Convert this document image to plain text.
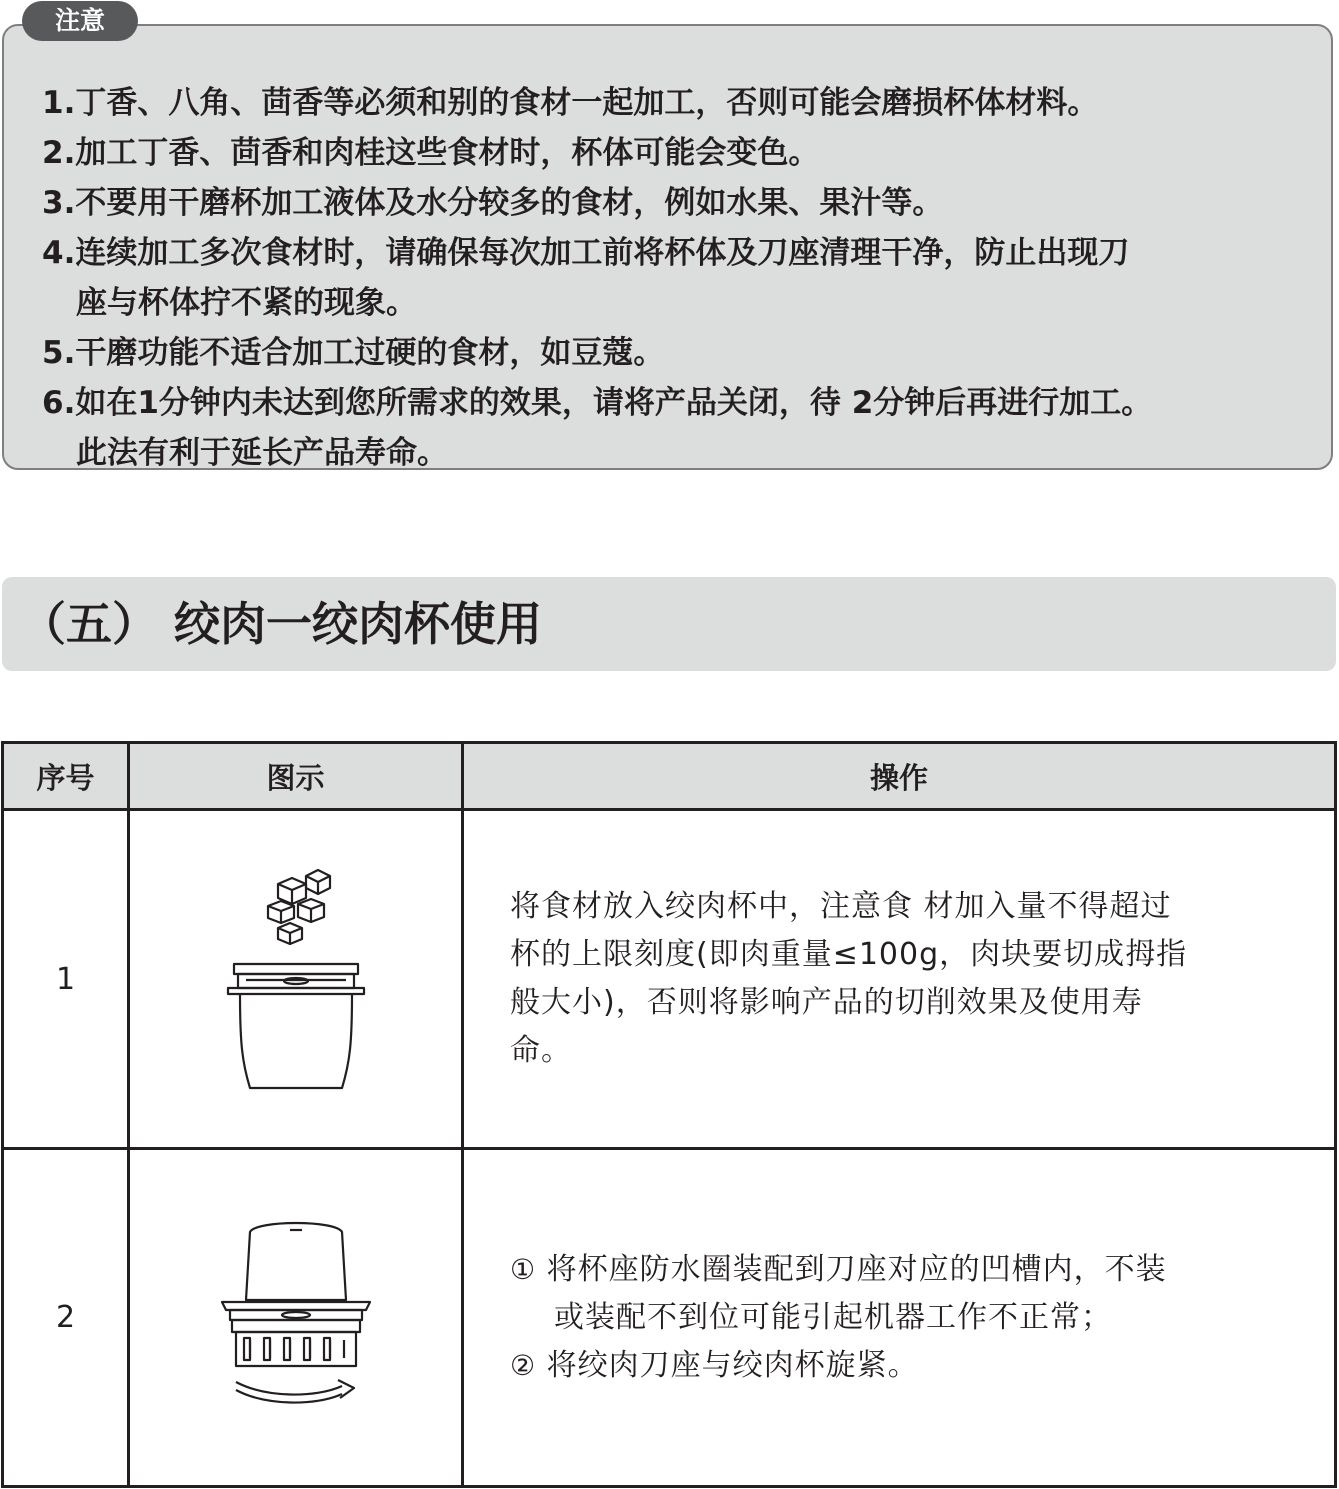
1.丁香、八角、茴香等必须和别的食材一起加工，否则可能会磨损杯体材料。
2.加工丁香、茴香和肉桂这些食材时，杯体可能会变色。
3.不要用干磨杯加工液体及水分较多的食材，例如水果、果汁等。
4.连续加工多次食材时，请确保每次加工前将杯体及刀座清理干净，防止出现刀
座与杯体拧不紧的现象。
5.干磨功能不适合加工过硬的食材，如豆蔻。
6.如在1分钟内未达到您所需求的效果，请将产品关闭，待 2分钟后再进行加工。
此法有利于延长产品寿命。
注意
（五） 绞肉一绞肉杯使用
序号	图示	操作
1		将食材放入绞肉杯中，注意食 材加入量不得超过
杯的上限刻度(即肉重量≤100g，肉块要切成拇指
般大小)，否则将影响产品的切削效果及使用寿
命。

2		① 将杯座防水圈装配到刀座对应的凹槽内，不装
或装配不到位可能引起机器工作不正常；
② 将绞肉刀座与绞肉杯旋紧。
